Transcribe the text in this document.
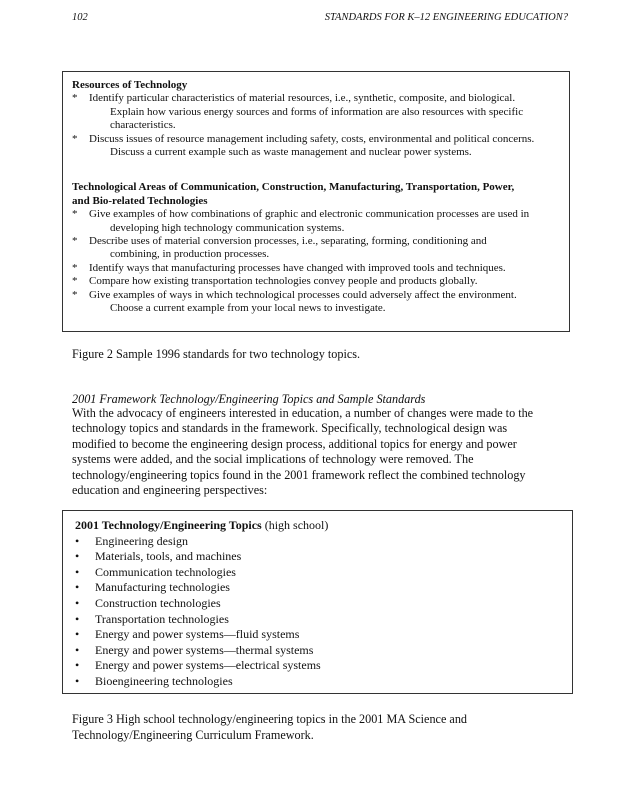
102	STANDARDS FOR K–12 ENGINEERING EDUCATION?
Resources of Technology
*	Identify particular characteristics of material resources, i.e., synthetic, composite, and biological.
Explain how various energy sources and forms of information are also resources with specific
characteristics.
*	Discuss issues of resource management including safety, costs, environmental and political concerns.
Discuss a current example such as waste management and nuclear power systems.
Technological Areas of Communication, Construction, Manufacturing, Transportation, Power,
and Bio-related Technologies
*	Give examples of how combinations of graphic and electronic communication processes are used in
developing high technology communication systems.
*	Describe uses of material conversion processes, i.e., separating, forming, conditioning and
combining, in production processes.
*	Identify ways that manufacturing processes have changed with improved tools and techniques.
*	Compare how existing transportation technologies convey people and products globally.
*	Give examples of ways in which technological processes could adversely affect the environment.
Choose a current example from your local news to investigate.
Figure 2 Sample 1996 standards for two technology topics.
2001 Framework Technology/Engineering Topics and Sample Standards
With the advocacy of engineers interested in education, a number of changes were made to the
technology topics and standards in the framework. Specifically, technological design was
modified to become the engineering design process, additional topics for energy and power
systems were added, and the social implications of technology were removed. The
technology/engineering topics found in the 2001 framework reflect the combined technology
education and engineering perspectives:
2001 Technology/Engineering Topics (high school)
•	Engineering design
•	Materials, tools, and machines
•	Communication technologies
•	Manufacturing technologies
•	Construction technologies
•	Transportation technologies
•	Energy and power systems—fluid systems
•	Energy and power systems—thermal systems
•	Energy and power systems—electrical systems
•	Bioengineering technologies
Figure 3 High school technology/engineering topics in the 2001 MA Science and
Technology/Engineering Curriculum Framework.
